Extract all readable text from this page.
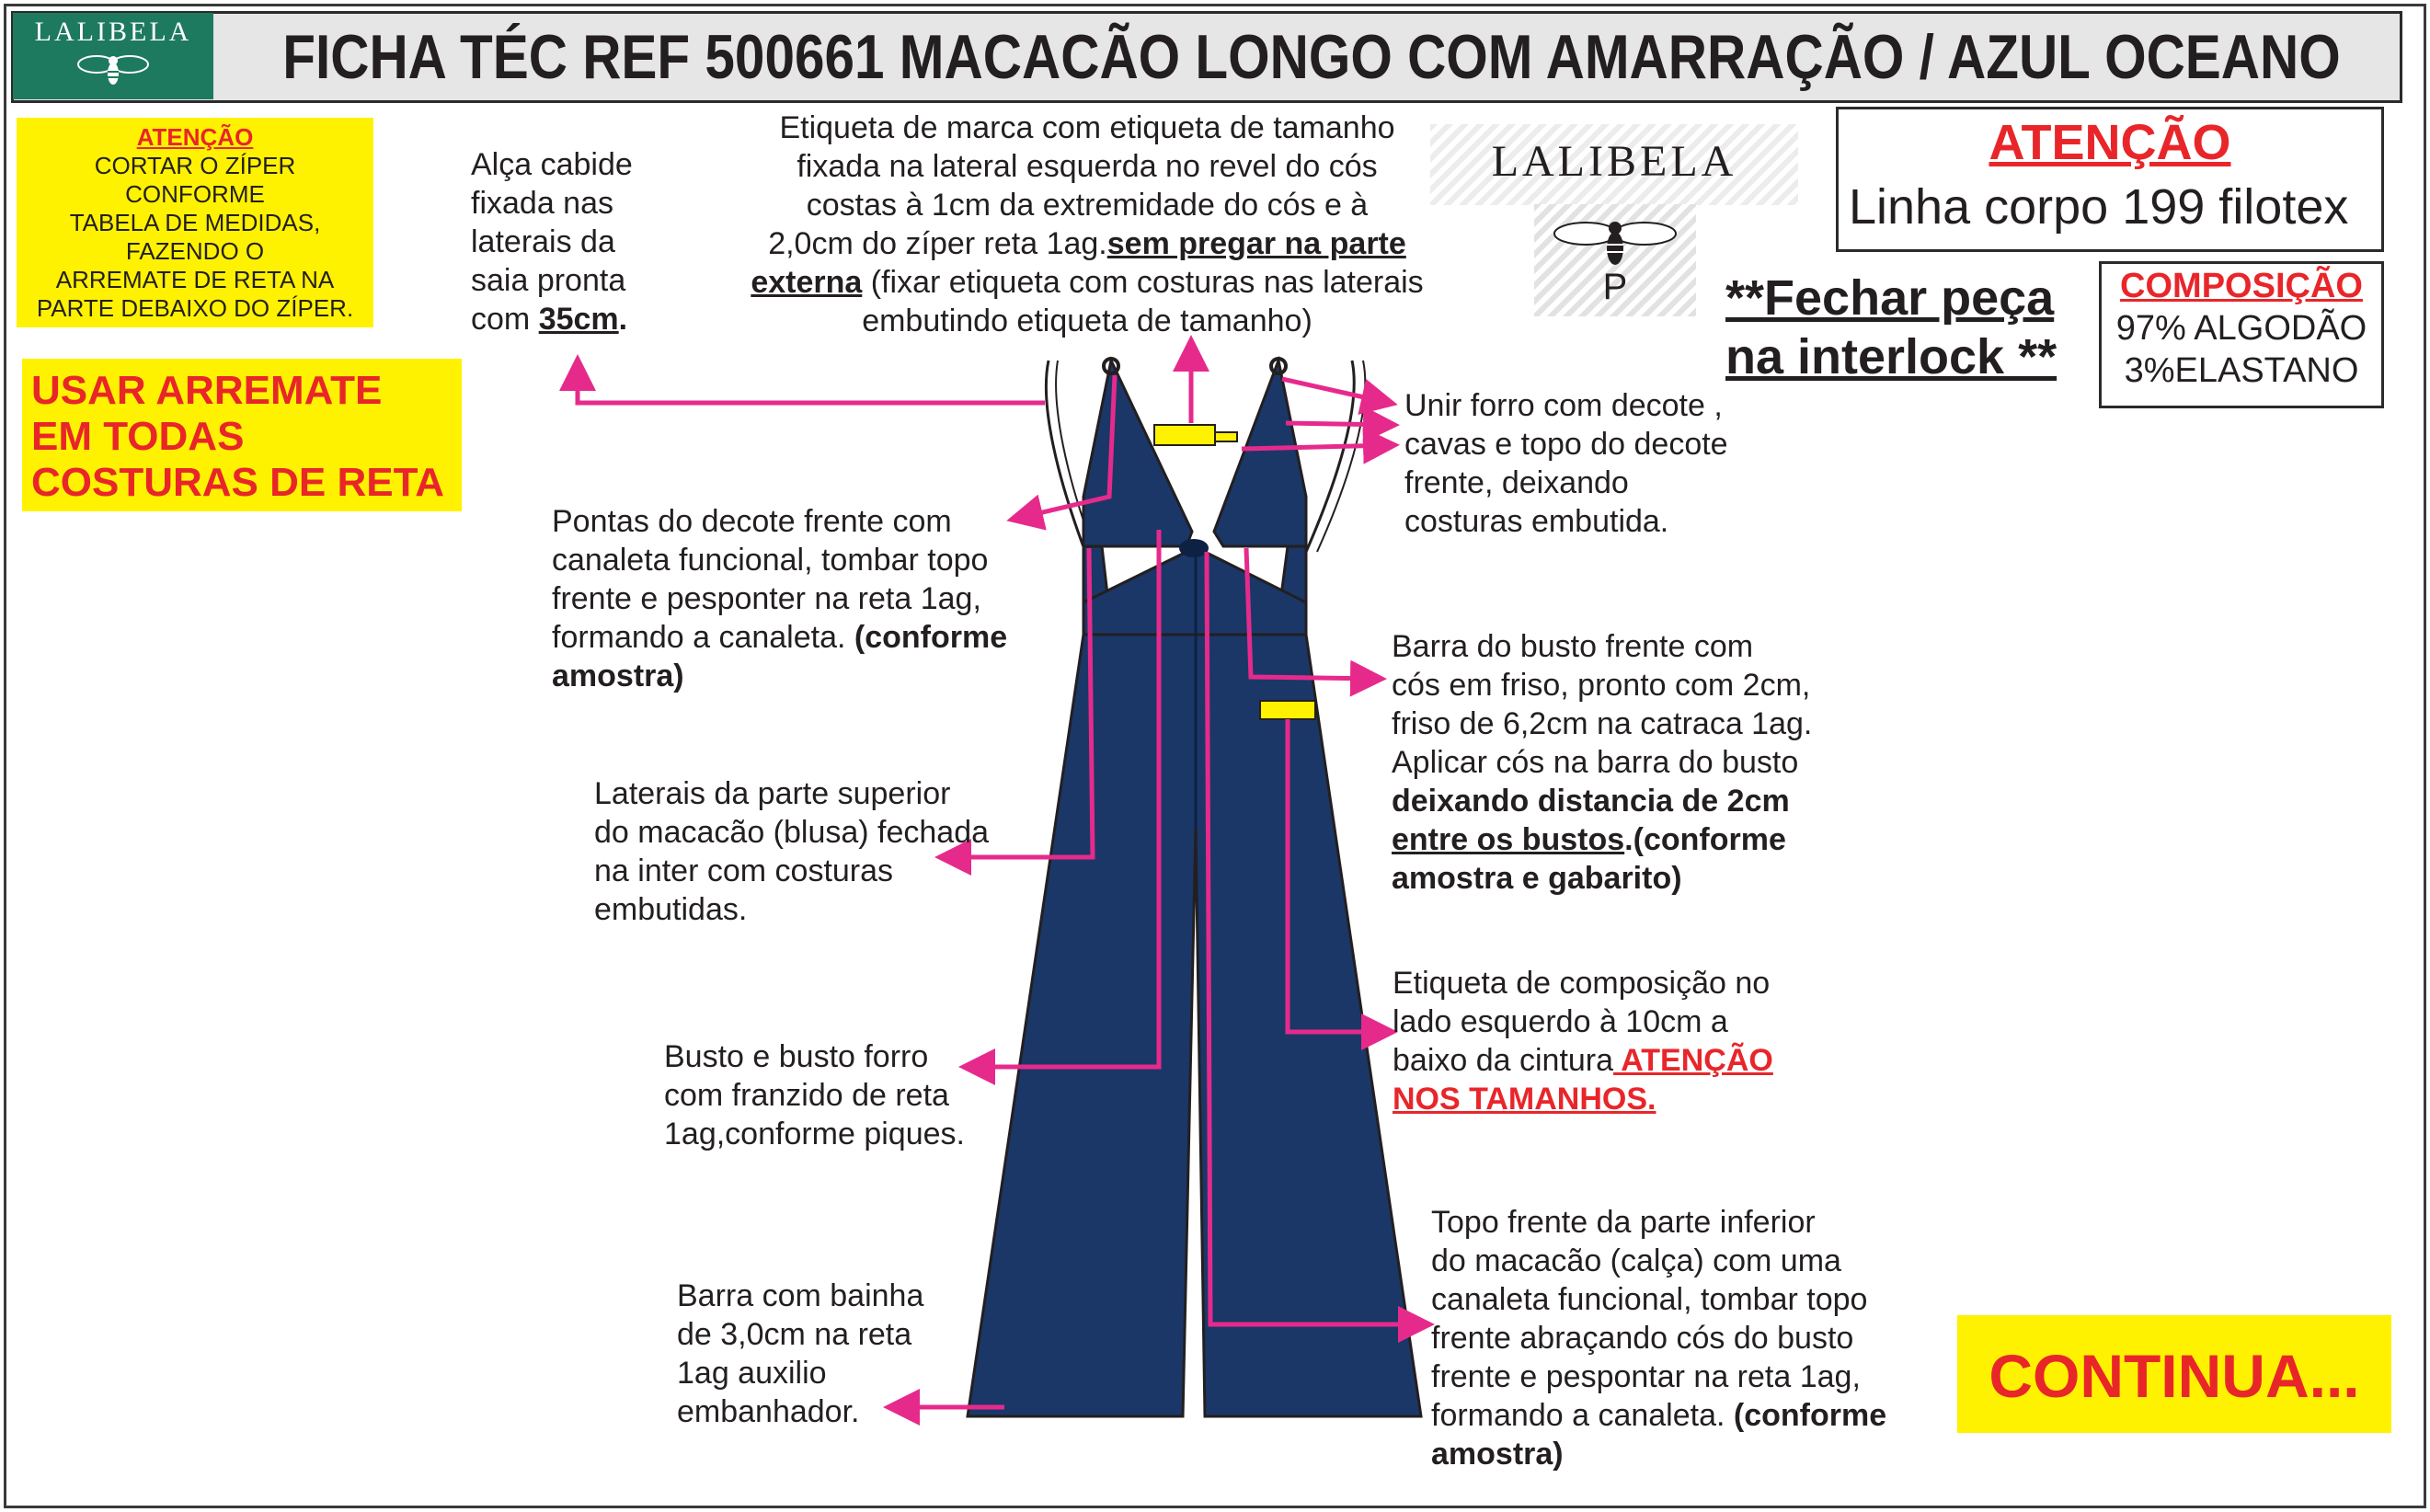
LALIBELA	FICHA TÉC REF 500661 MACACÃO LONGO COM AMARRAÇÃO / AZUL OCEANO
ATENÇÃO
CORTAR O ZÍPER
CONFORME
TABELA DE MEDIDAS,
FAZENDO O
ARREMATE DE RETA NA
PARTE DEBAIXO DO ZÍPER.
USAR ARREMATE
EM TODAS
COSTURAS DE RETA
Alça cabide
fixada nas
laterais da
saia pronta
com 35cm.
Etiqueta de marca com etiqueta de tamanho
fixada na lateral esquerda no revel do cós
costas à 1cm da extremidade do cós e à
2,0cm do zíper reta 1ag.sem pregar na parte
externa (fixar etiqueta com costuras nas laterais
embutindo etiqueta de tamanho)
LALIBELA
P
ATENÇÃO
Linha corpo 199 filotex
**Fechar peça
na interlock **
COMPOSIÇÃO
97% ALGODÃO
3%ELASTANO
Unir forro com decote ,
cavas e topo do decote
frente, deixando
costuras embutida.
Pontas do decote frente com
canaleta funcional, tombar topo
frente e pesponter na reta 1ag,
formando a canaleta. (conforme
amostra)
Barra do busto frente com
cós em friso, pronto com 2cm,
friso de 6,2cm na catraca 1ag.
Aplicar cós na barra do busto
deixando distancia de 2cm
entre os bustos.(conforme
amostra e gabarito)
Laterais da parte superior
do macacão (blusa) fechada
na inter com costuras
embutidas.
Etiqueta de composição no
lado esquerdo à 10cm a
baixo da cintura ATENÇÃO
NOS TAMANHOS.
Busto e busto forro
com franzido de reta
1ag,conforme piques.
Topo frente da parte inferior
do macacão (calça) com uma
canaleta funcional, tombar topo
frente abraçando cós do busto
frente e pespontar na reta 1ag,
formando a canaleta. (conforme
amostra)
Barra com bainha
de 3,0cm na reta
1ag auxilio
embanhador.
CONTINUA...
